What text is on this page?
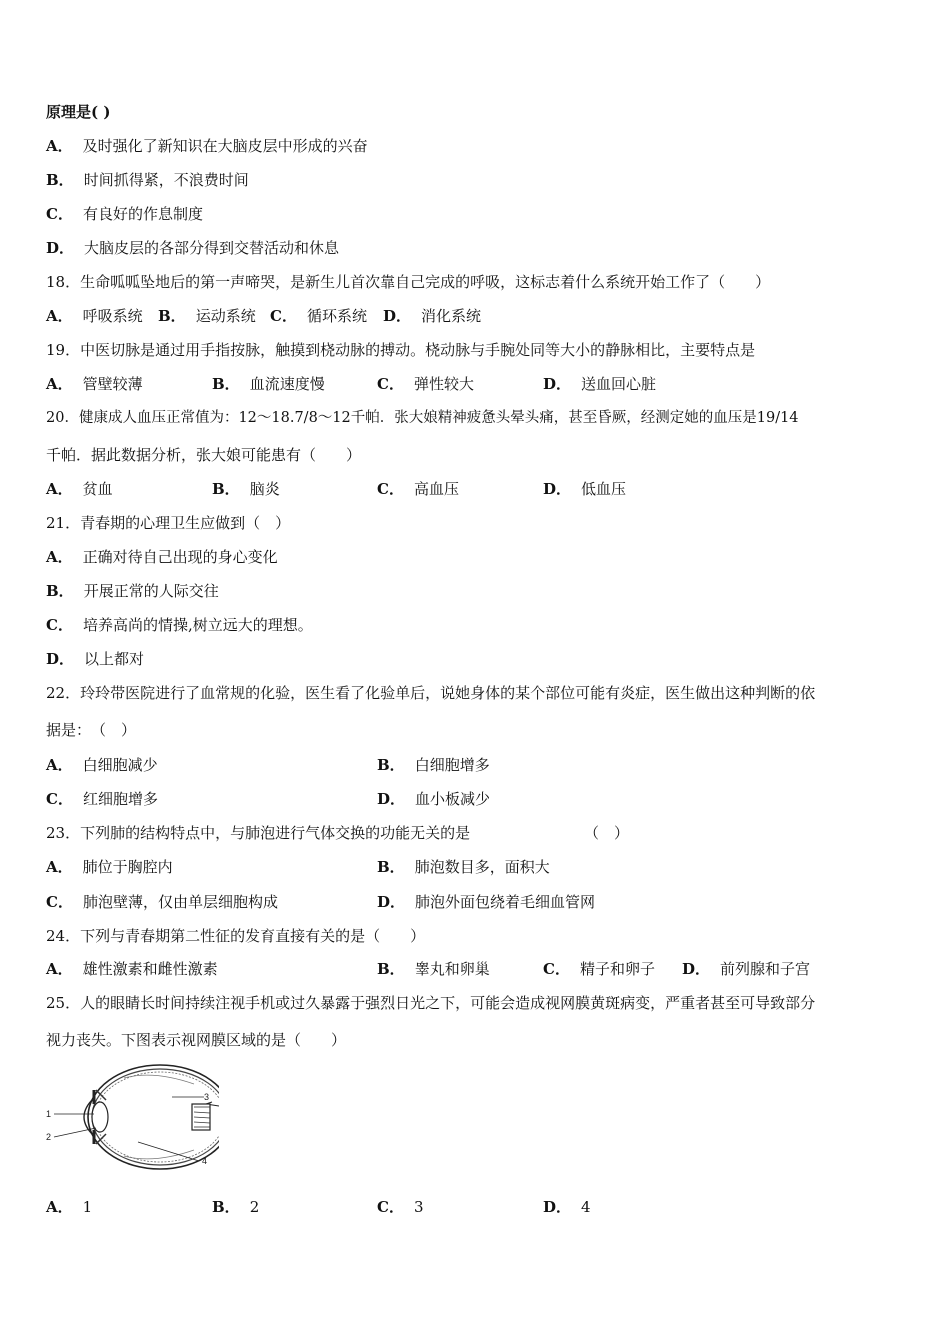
原理是( )
A． 及时强化了新知识在大脑皮层中形成的兴奋
B． 时间抓得紧，不浪费时间
C． 有良好的作息制度
D． 大脑皮层的各部分得到交替活动和休息
18．生命呱呱坠地后的第一声啼哭，是新生儿首次靠自己完成的呼吸，这标志着什么系统开始工作了（　　）
A． 呼吸系统 B． 运动系统 C． 循环系统 D． 消化系统
19．中医切脉是通过用手指按脉，触摸到桡动脉的搏动。桡动脉与手腕处同等大小的静脉相比，主要特点是
A． 管壁较薄	B． 血流速度慢	C． 弹性较大	D． 送血回心脏
20．健康成人血压正常值为：12～18.7/8～12千帕．张大娘精神疲惫头晕头痛，甚至昏厥，经测定她的血压是19/14
千帕．据此数据分析，张大娘可能患有（　　）
A． 贫血	B． 脑炎	C． 高血压	D． 低血压
21．青春期的心理卫生应做到（　）
A． 正确对待自己出现的身心变化
B． 开展正常的人际交往
C． 培养高尚的情操,树立远大的理想。
D． 以上都对
22．玲玲带医院进行了血常规的化验，医生看了化验单后，说她身体的某个部位可能有炎症，医生做出这种判断的依
据是：　（　）
A． 白细胞减少	B． 白细胞增多
C． 红细胞增多	D． 血小板减少
23．下列肺的结构特点中，与肺泡进行气体交换的功能无关的是	（　）
A． 肺位于胸腔内	B． 肺泡数目多，面积大
C． 肺泡壁薄，仅由单层细胞构成	D． 肺泡外面包绕着毛细血管网
24．下列与青春期第二性征的发育直接有关的是（　　）
A． 雄性激素和雌性激素	B． 睾丸和卵巢	C． 精子和卵子 D． 前列腺和子宫
25．人的眼睛长时间持续注视手机或过久暴露于强烈日光之下，可能会造成视网膜黄斑病变，严重者甚至可导致部分
视力丧失。下图表示视网膜区域的是（　　）
1
2
3
4
A． 1	B． 2	C． 3	D． 4
